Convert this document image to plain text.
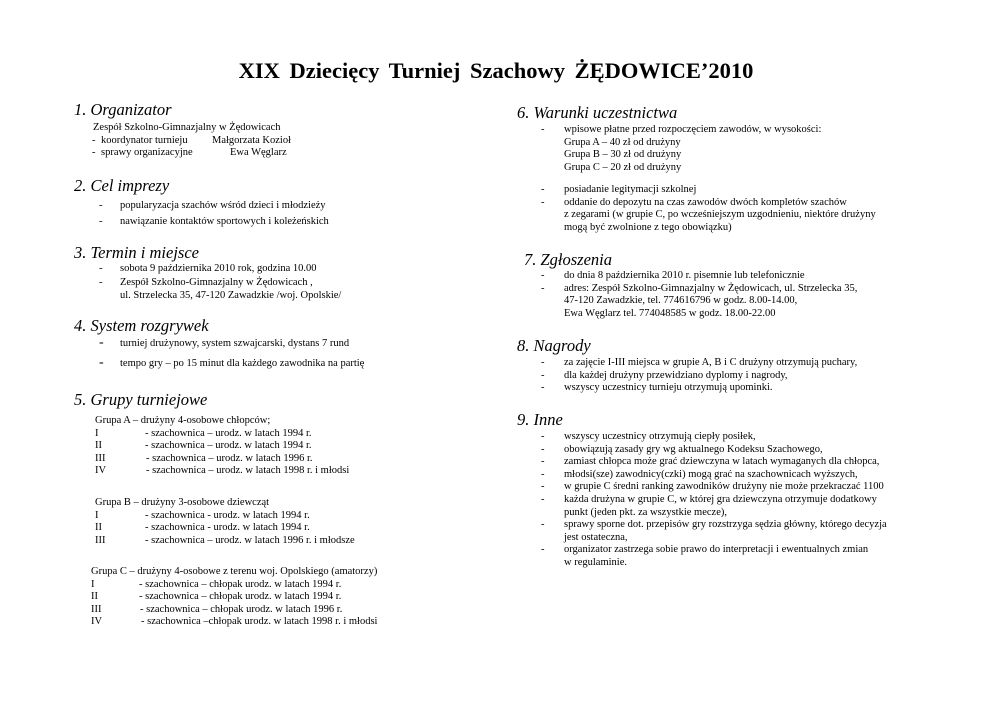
XIX Dziecięcy Turniej Szachowy ŻĘDOWICE’2010
1. Organizator
Zespół Szkolno-Gimnazjalny w Żędowicach
- koordynator turnieju Małgorzata Kozioł
- sprawy organizacyjne	Ewa Węglarz
2. Cel imprezy
- popularyzacja szachów wśród dzieci i młodzieży
- nawiązanie kontaktów sportowych i koleżeńskich
3. Termin i miejsce
- sobota 9 października 2010 rok, godzina 10.00
- Zespół Szkolno-Gimnazjalny w Żędowicach ,
ul. Strzelecka 35, 47-120 Zawadzkie /woj. Opolskie/
4. System rozgrywek
- turniej drużynowy, system szwajcarski, dystans 7 rund
- tempo gry – po 15 minut dla każdego zawodnika na partię
5. Grupy turniejowe
Grupa A – drużyny 4-osobowe chłopców;
I	- szachownica – urodz. w latach 1994 r.
II	- szachownica – urodz. w latach 1994 r.
III	- szachownica – urodz. w latach 1996 r.
IV	- szachownica – urodz. w latach 1998 r. i młodsi
Grupa B – drużyny 3-osobowe dziewcząt
I	- szachownica - urodz. w latach 1994 r.
II	- szachownica - urodz. w latach 1994 r.
III	- szachownica – urodz. w latach 1996 r. i młodsze
Grupa C – drużyny 4-osobowe z terenu woj. Opolskiego (amatorzy)
I	- szachownica – chłopak urodz. w latach 1994 r.
II	- szachownica – chłopak urodz. w latach 1994 r.
III	- szachownica – chłopak urodz. w latach 1996 r.
IV	- szachownica –chłopak urodz. w latach 1998 r. i młodsi
6. Warunki uczestnictwa
- wpisowe płatne przed rozpoczęciem zawodów, w wysokości:
Grupa A – 40 zł od drużyny
Grupa B – 30 zł od drużyny
Grupa C – 20 zł od drużyny
- posiadanie legitymacji szkolnej
- oddanie do depozytu na czas zawodów dwóch kompletów szachów
z zegarami (w grupie C, po wcześniejszym uzgodnieniu, niektóre drużyny
mogą być zwolnione z tego obowiązku)
7. Zgłoszenia
- do dnia 8 października 2010 r. pisemnie lub telefonicznie
- adres: Zespół Szkolno-Gimnazjalny w Żędowicach, ul. Strzelecka 35,
47-120 Zawadzkie, tel. 774616796 w godz. 8.00-14.00,
Ewa Węglarz tel. 774048585 w godz. 18.00-22.00
8. Nagrody
- za zajęcie I-III miejsca w grupie A, B i C drużyny otrzymują puchary,
- dla każdej drużyny przewidziano dyplomy i nagrody,
- wszyscy uczestnicy turnieju otrzymują upominki.
9. Inne
- wszyscy uczestnicy otrzymują ciepły posiłek,
- obowiązują zasady gry wg aktualnego Kodeksu Szachowego,
- zamiast chłopca może grać dziewczyna w latach wymaganych dla chłopca,
- młodsi(sze) zawodnicy(czki) mogą grać na szachownicach wyższych,
- w grupie C średni ranking zawodników drużyny nie może przekraczać 1100
- każda drużyna w grupie C, w której gra dziewczyna otrzymuje dodatkowy
punkt (jeden pkt. za wszystkie mecze),
- sprawy sporne dot. przepisów gry rozstrzyga sędzia główny, którego decyzja
jest ostateczna,
- organizator zastrzega sobie prawo do interpretacji i ewentualnych zmian
w regulaminie.
